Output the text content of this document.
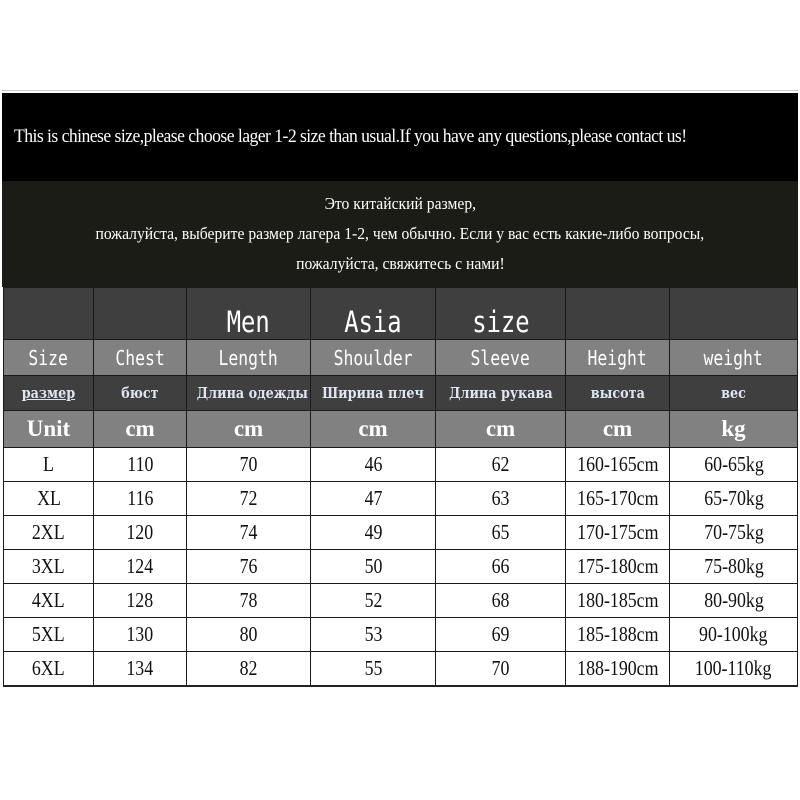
This is chinese size,please choose lager 1-2 size than usual.If you have any questions,please contact us!
Это китайский размер,
пожалуйста, выберите размер лагера 1-2, чем обычно. Если у вас есть какие-либо вопросы,
пожалуйста, свяжитесь с нами!
		Men	Asia	size		
Size	Chest	Length	Shoulder	Sleeve	Height	weight
размер	бюст	Длина одежды	Ширина плеч	Длина рукава	высота	вес
Unit	cm	cm	cm	cm	cm	kg
L	110	70	46	62	160-165cm	60-65kg
XL	116	72	47	63	165-170cm	65-70kg
2XL	120	74	49	65	170-175cm	70-75kg
3XL	124	76	50	66	175-180cm	75-80kg
4XL	128	78	52	68	180-185cm	80-90kg
5XL	130	80	53	69	185-188cm	90-100kg
6XL	134	82	55	70	188-190cm	100-110kg
